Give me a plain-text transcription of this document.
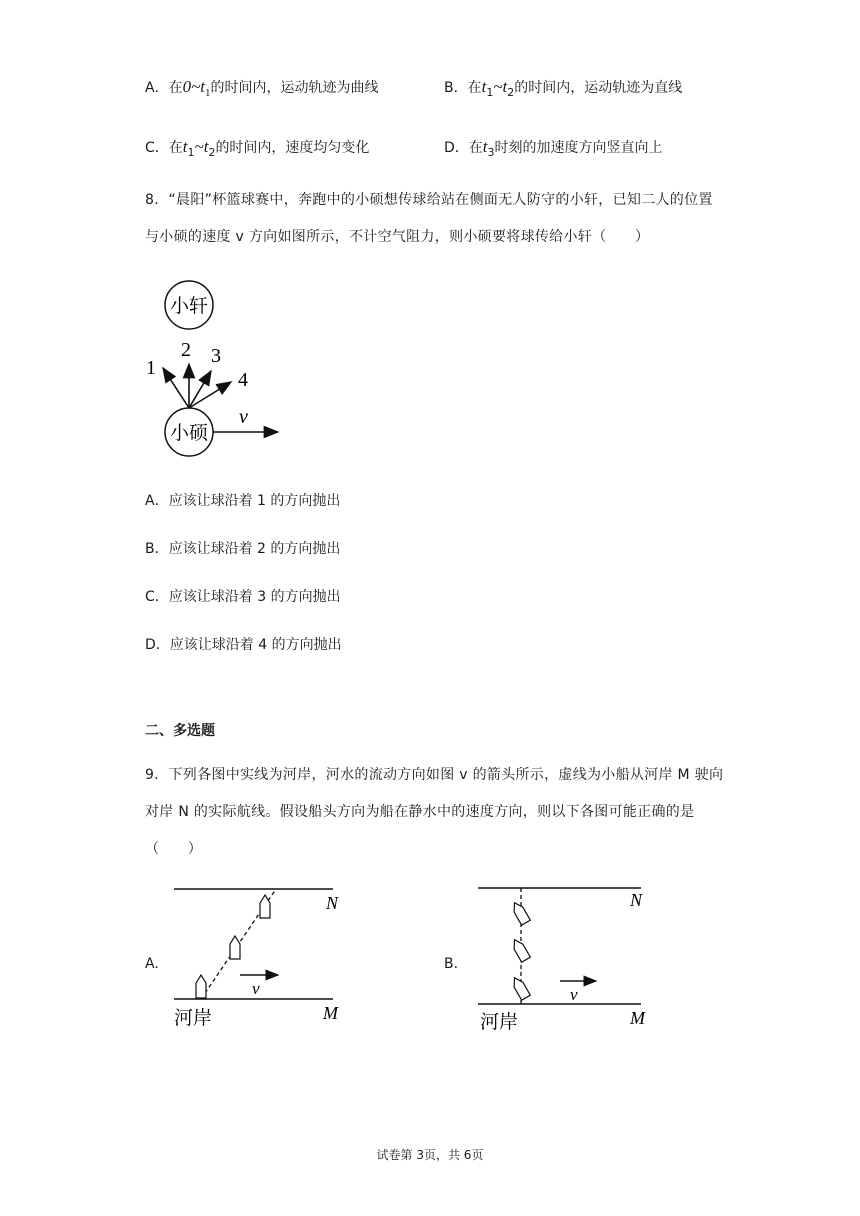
A．在$0\sim t_1$的时间内，运动轨迹为曲线	B．在$t_1\sim t_2$的时间内，运动轨迹为直线
C．在$t_1\sim t_2$的时间内，速度均匀变化	D．在$t_3$时刻的加速度方向竖直向上
8．“晨阳”杯篮球赛中，奔跑中的小硕想传球给站在侧面无人防守的小轩，已知二人的位置与小硕的速度 v 方向如图所示，不计空气阻力，则小硕要将球传给小轩（　　）
小轩
小硕
1
2 3
4
v
A．应该让球沿着 1 的方向抛出
B．应该让球沿着 2 的方向抛出
C．应该让球沿着 3 的方向抛出
D．应该让球沿着 4 的方向抛出
二、多选题
9．下列各图中实线为河岸，河水的流动方向如图 v 的箭头所示，虚线为小船从河岸 M 驶向对岸 N 的实际航线。假设船头方向为船在静水中的速度方向，则以下各图可能正确的是（　　）
A.
v
N
M
河岸
B.
v
N
M
河岸
试卷第 3页，共 6页
